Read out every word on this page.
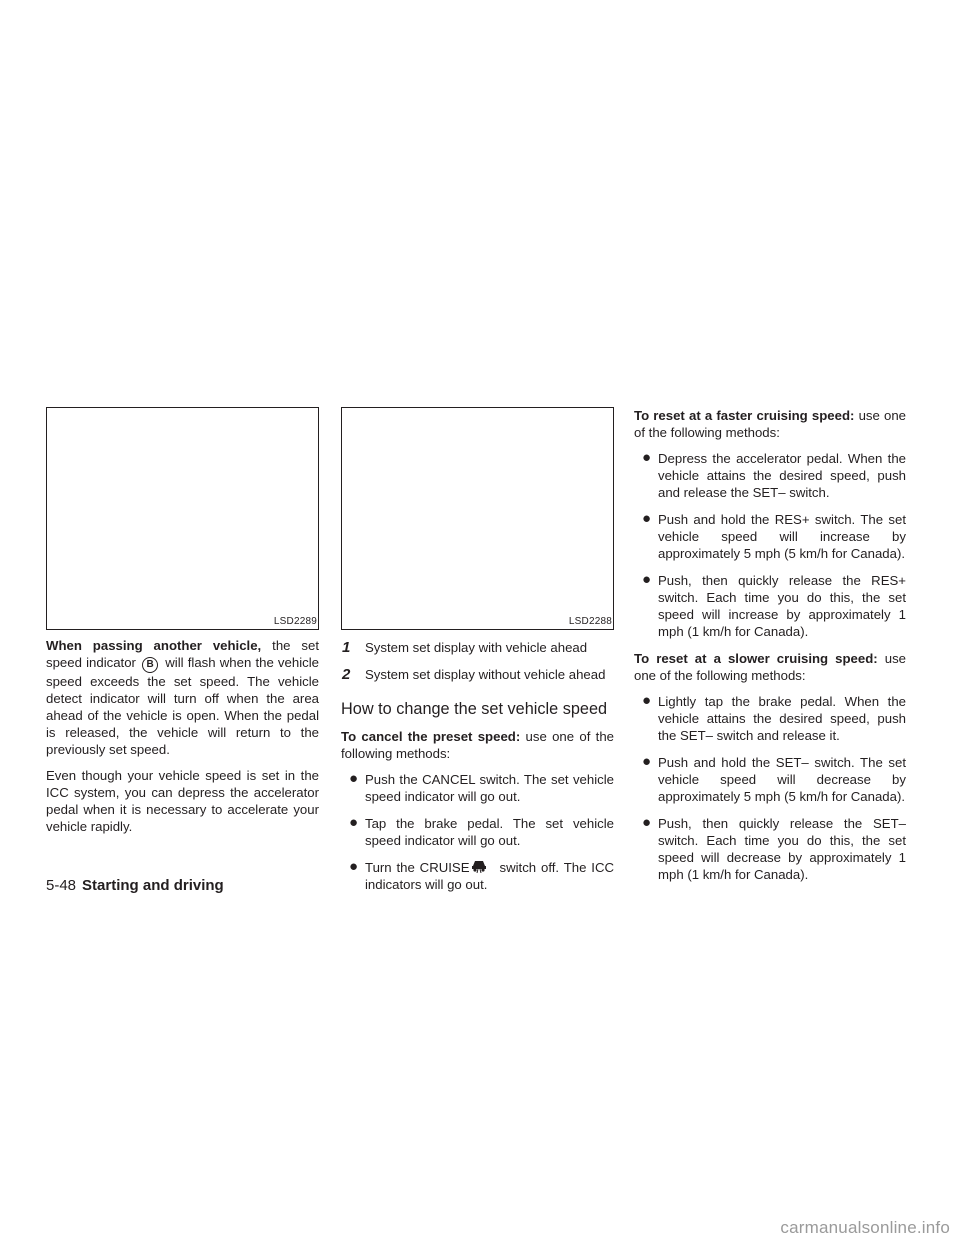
LSD2289

When passing another vehicle, the set speed indicator B will flash when the vehicle speed exceeds the set speed. The vehicle detect indicator will turn off when the area ahead of the vehicle is open. When the pedal is released, the vehicle will return to the previously set speed.

Even though your vehicle speed is set in the ICC system, you can depress the accelerator pedal when it is necessary to accelerate your vehicle rapidly.

LSD2288
1 System set display with vehicle ahead
2 System set display without vehicle ahead
How to change the set vehicle speed

To cancel the preset speed: use one of the following methods:

● Push the CANCEL switch. The set vehicle speed indicator will go out.
● Tap the brake pedal. The set vehicle speed indicator will go out.
● Turn the CRUISE switch off. The ICC indicators will go out.

To reset at a faster cruising speed: use one of the following methods:

● Depress the accelerator pedal. When the vehicle attains the desired speed, push and release the SET– switch.
● Push and hold the RES+ switch. The set vehicle speed will increase by approximately 5 mph (5 km/h for Canada).
● Push, then quickly release the RES+ switch. Each time you do this, the set speed will increase by approximately 1 mph (1 km/h for Canada).

To reset at a slower cruising speed: use one of the following methods:

● Lightly tap the brake pedal. When the vehicle attains the desired speed, push the SET– switch and release it.
● Push and hold the SET– switch. The set vehicle speed will decrease by approximately 5 mph (5 km/h for Canada).
● Push, then quickly release the SET– switch. Each time you do this, the set speed will decrease by approximately 1 mph (1 km/h for Canada).
5-48 Starting and driving
carmanualsonline.info
